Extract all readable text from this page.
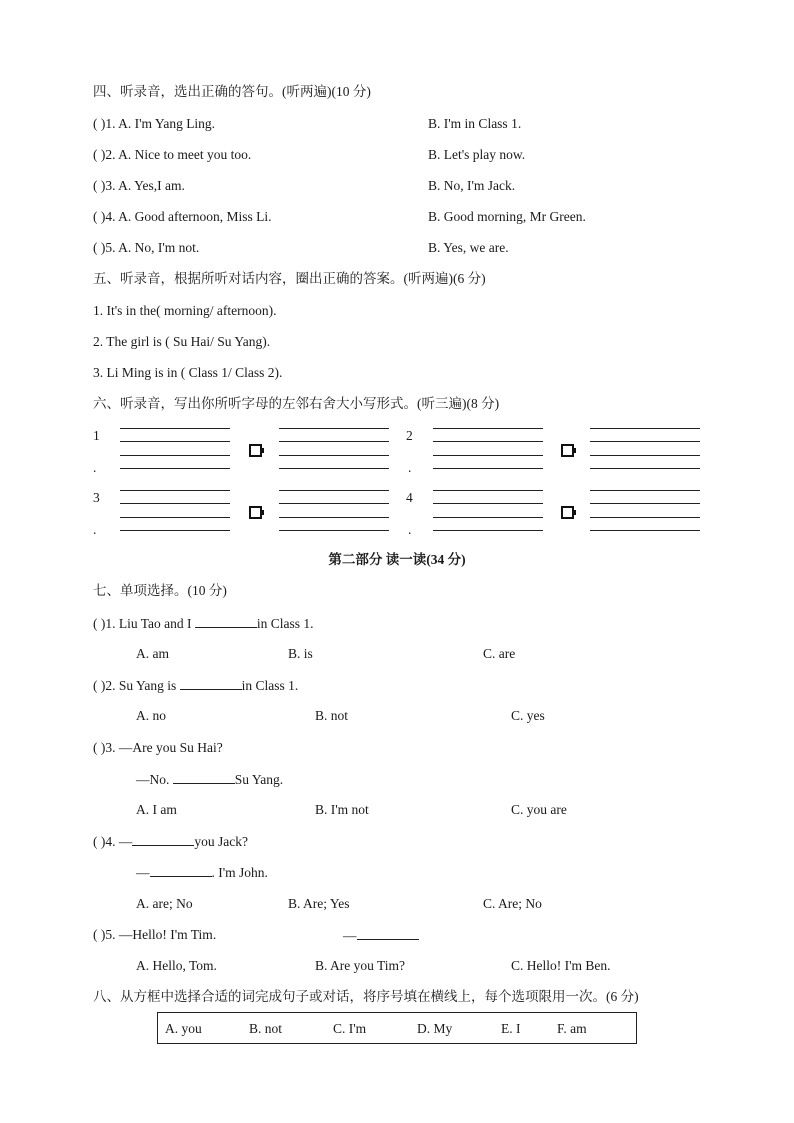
四、听录音，选出正确的答句。(听两遍)(10 分)
( )1. A. I'm Yang Ling.	B. I'm in Class 1.
( )2. A. Nice to meet you too.	B. Let's play now.
( )3. A. Yes,I am.	B. No, I'm Jack.
( )4. A. Good afternoon, Miss Li.	B. Good morning, Mr Green.
( )5. A. No, I'm not.	B. Yes, we are.
五、听录音，根据所听对话内容，圈出正确的答案。(听两遍)(6 分)
1. It's in the( morning/ afternoon).
2. The girl is ( Su Hai/ Su Yang).
3. Li Ming is in ( Class 1/ Class 2).
六、听录音，写出你所听字母的左邻右舍大小写形式。(听三遍)(8 分)
1
.
2
.
3
.
4
.
第二部分 读一读(34 分)
七、单项选择。(10 分)
( )1. Liu Tao and I	in Class 1.
A. am	B. is	C. are
( )2. Su Yang is	in Class 1.
A. no	B. not	C. yes
( )3. —Are you Su Hai?
—No.	Su Yang.
A. I am	B. I'm not	C. you are
( )4. —	you Jack?
—	. I'm John.
A. are; No	B. Are; Yes	C. Are; No
( )5. —Hello! I'm Tim.	—
A. Hello, Tom.	B. Are you Tim?	C. Hello! I'm Ben.
八、从方框中选择合适的词完成句子或对话，将序号填在横线上，每个选项限用一次。(6 分)
A. you	B. not	C. I'm	D. My	E. I	F. am
